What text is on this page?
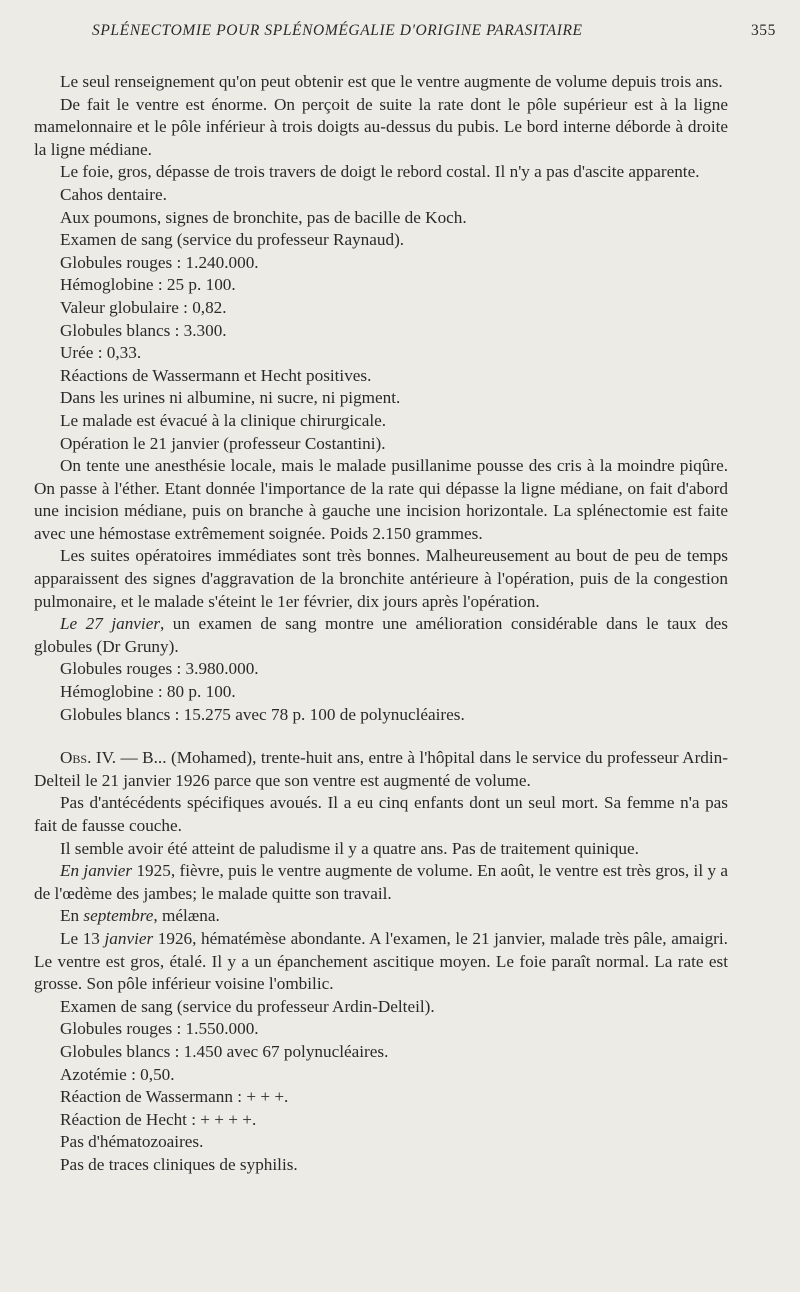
SPLÉNECTOMIE POUR SPLÉNOMÉGALIE D'ORIGINE PARASITAIRE	355

Le seul renseignement qu'on peut obtenir est que le ventre augmente de volume depuis trois ans.

De fait le ventre est énorme. On perçoit de suite la rate dont le pôle supérieur est à la ligne mamelonnaire et le pôle inférieur à trois doigts au-dessus du pubis. Le bord interne déborde à droite la ligne médiane.

Le foie, gros, dépasse de trois travers de doigt le rebord costal. Il n'y a pas d'ascite apparente.

Cahos dentaire.

Aux poumons, signes de bronchite, pas de bacille de Koch.

Examen de sang (service du professeur Raynaud).

Globules rouges : 1.240.000.

Hémoglobine : 25 p. 100.

Valeur globulaire : 0,82.

Globules blancs : 3.300.

Urée : 0,33.

Réactions de Wassermann et Hecht positives.

Dans les urines ni albumine, ni sucre, ni pigment.

Le malade est évacué à la clinique chirurgicale.

Opération le 21 janvier (professeur Costantini).

On tente une anesthésie locale, mais le malade pusillanime pousse des cris à la moindre piqûre. On passe à l'éther. Etant donnée l'importance de la rate qui dépasse la ligne médiane, on fait d'abord une incision médiane, puis on branche à gauche une incision horizontale. La splénectomie est faite avec une hémostase extrêmement soignée. Poids 2.150 grammes.

Les suites opératoires immédiates sont très bonnes. Malheureusement au bout de peu de temps apparaissent des signes d'aggravation de la bronchite antérieure à l'opération, puis de la congestion pulmonaire, et le malade s'éteint le 1er février, dix jours après l'opération.

Le 27 janvier, un examen de sang montre une amélioration considérable dans le taux des globules (Dr Gruny).

Globules rouges : 3.980.000.

Hémoglobine : 80 p. 100.

Globules blancs : 15.275 avec 78 p. 100 de polynucléaires.

Obs. IV. — B... (Mohamed), trente-huit ans, entre à l'hôpital dans le service du professeur Ardin-Delteil le 21 janvier 1926 parce que son ventre est augmenté de volume.

Pas d'antécédents spécifiques avoués. Il a eu cinq enfants dont un seul mort. Sa femme n'a pas fait de fausse couche.

Il semble avoir été atteint de paludisme il y a quatre ans. Pas de traitement quinique.

En janvier 1925, fièvre, puis le ventre augmente de volume. En août, le ventre est très gros, il y a de l'œdème des jambes; le malade quitte son travail.

En septembre, mélæna.

Le 13 janvier 1926, hématémèse abondante. A l'examen, le 21 janvier, malade très pâle, amaigri. Le ventre est gros, étalé. Il y a un épanchement ascitique moyen. Le foie paraît normal. La rate est grosse. Son pôle inférieur voisine l'ombilic.

Examen de sang (service du professeur Ardin-Delteil).

Globules rouges : 1.550.000.

Globules blancs : 1.450 avec 67 polynucléaires.

Azotémie : 0,50.

Réaction de Wassermann : + + +.

Réaction de Hecht : + + + +.

Pas d'hématozoaires.

Pas de traces cliniques de syphilis.
